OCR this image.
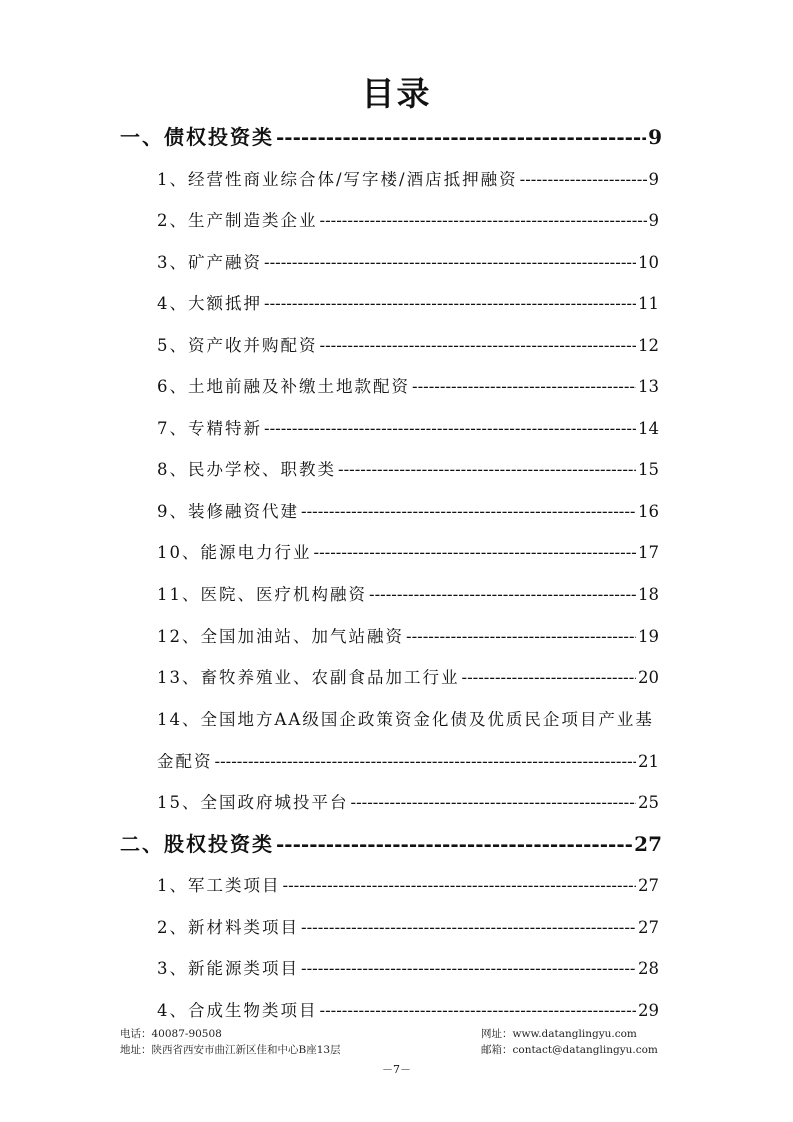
目录
一、债权投资类 -----	9
1、经营性商业综合体/写字楼/酒店抵押融资 -----	9
2、生产制造类企业 -----	9
3、矿产融资 -----	10
4、大额抵押 -----	11
5、资产收并购配资 -----	12
6、土地前融及补缴土地款配资 -----	13
7、专精特新 -----	14
8、民办学校、职教类 -----	15
9、装修融资代建 -----	16
10、能源电力行业 -----	17
11、医院、医疗机构融资 -----	18
12、全国加油站、加气站融资 -----	19
13、畜牧养殖业、农副食品加工行业 -----	20
14、全国地方AA级国企政策资金化债及优质民企项目产业基
金配资 -----	21
15、全国政府城投平台 -----	25
二、股权投资类 -----	27
1、军工类项目 -----	27
2、新材料类项目 -----	27
3、新能源类项目 -----	28
4、合成生物类项目 -----	29
电话：40087-90508
地址：陕西省西安市曲江新区佳和中心B座13层
网址：www.datanglingyu.com
邮箱：contact@datanglingyu.com
－7－
